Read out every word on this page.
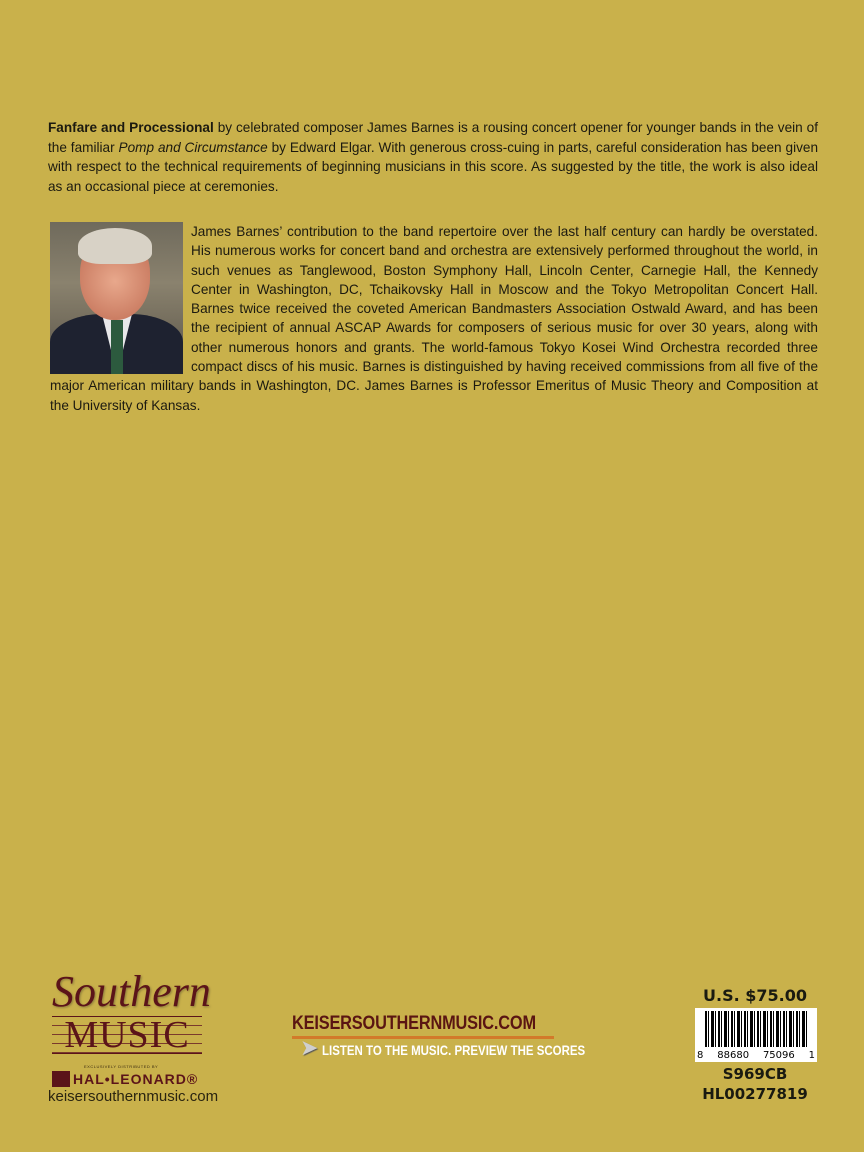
Fanfare and Processional by celebrated composer James Barnes is a rousing concert opener for younger bands in the vein of the familiar Pomp and Circumstance by Edward Elgar. With generous cross-cuing in parts, careful consideration has been given with respect to the technical requirements of beginning musicians in this score. As suggested by the title, the work is also ideal as an occasional piece at ceremonies.
James Barnes’ contribution to the band repertoire over the last half century can hardly be overstated. His numerous works for concert band and orchestra are extensively performed throughout the world, in such venues as Tanglewood, Boston Symphony Hall, Lincoln Center, Carnegie Hall, the Kennedy Center in Washington, DC, Tchaikovsky Hall in Moscow and the Tokyo Metropolitan Concert Hall. Barnes twice received the coveted American Bandmasters Association Ostwald Award, and has been the recipient of annual ASCAP Awards for composers of serious music for over 30 years, along with other numerous honors and grants. The world-famous Tokyo Kosei Wind Orchestra recorded three compact discs of his music. Barnes is distinguished by having received commissions from all five of the major American military bands in Washington, DC. James Barnes is Professor Emeritus of Music Theory and Composition at the University of Kansas.
Southern
MUSIC
EXCLUSIVELY DISTRIBUTED BY
HAL•LEONARD®
keisersouthernmusic.com
KEISERSOUTHERNMUSIC.COM
➤ LISTEN TO THE MUSIC. PREVIEW THE SCORES
U.S. $75.00
8 88680 75096 1
S969CB
HL00277819
